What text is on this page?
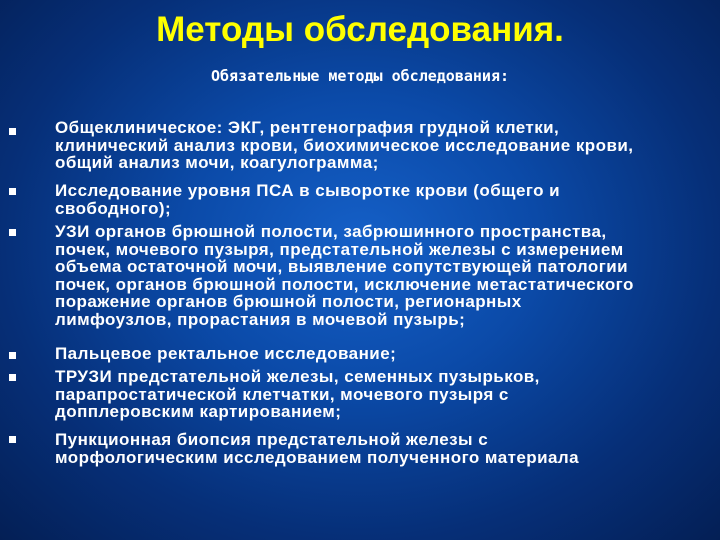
Методы обследования.
Обязательные методы обследования:
Общеклиническое: ЭКГ, рентгенография грудной клетки,
клинический анализ крови, биохимическое исследование крови,
общий анализ мочи, коагулограмма;
Исследование уровня ПСА в сыворотке крови (общего и
свободного);
УЗИ органов брюшной полости, забрюшинного пространства,
почек, мочевого пузыря, предстательной железы с измерением
объема остаточной мочи, выявление сопутствующей патологии
почек, органов брюшной полости, исключение метастатического
поражение органов брюшной полости, регионарных
лимфоузлов, прорастания в мочевой пузырь;
Пальцевое ректальное исследование;
ТРУЗИ предстательной железы, семенных пузырьков,
парапростатической клетчатки, мочевого пузыря с
допплеровским картированием;
Пункционная биопсия предстательной железы с
морфологическим исследованием полученного материала
